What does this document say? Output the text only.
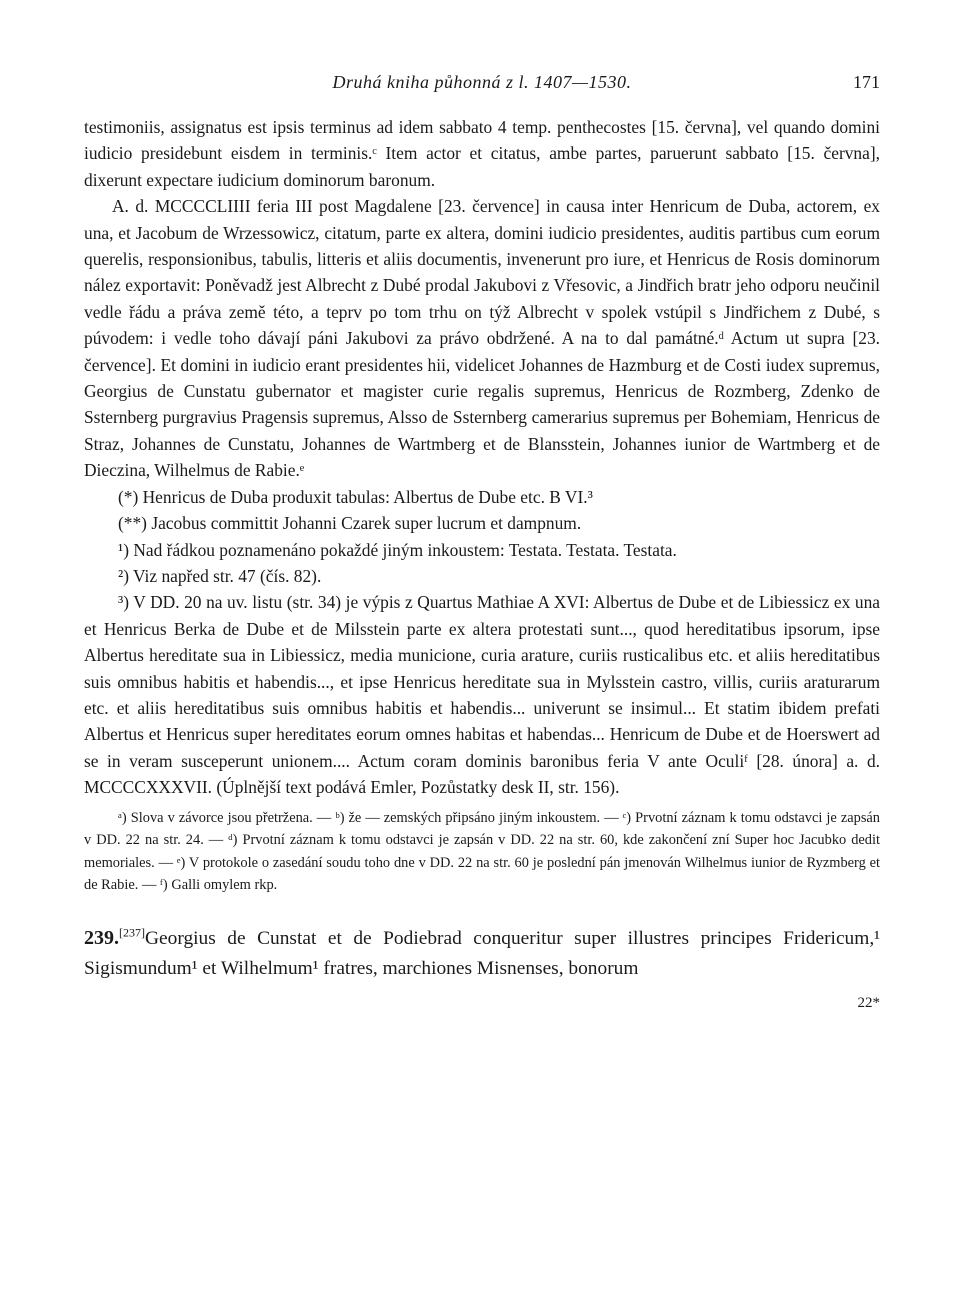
Druhá kniha půhonná z l. 1407—1530.	171

testimoniis, assignatus est ipsis terminus ad idem sabbato 4 temp. penthecostes [15. června], vel quando domini iudicio presidebunt eisdem in terminis.ᶜ Item actor et citatus, ambe partes, paruerunt sabbato [15. června], dixerunt expectare iudicium dominorum baronum.

A. d. MCCCCLIIII feria III post Magdalene [23. července] in causa inter Henricum de Duba, actorem, ex una, et Jacobum de Wrzessowicz, citatum, parte ex altera, domini iudicio presidentes, auditis partibus cum eorum querelis, responsionibus, tabulis, litteris et aliis documentis, invenerunt pro iure, et Henricus de Rosis dominorum nález exportavit: Poněvadž jest Albrecht z Dubé prodal Jakubovi z Vřesovic, a Jindřich bratr jeho odporu neučinil vedle řádu a práva země této, a teprv po tom trhu on týž Albrecht v spolek vstúpil s Jindřichem z Dubé, s púvodem: i vedle toho dávají páni Jakubovi za právo obdržené. A na to dal památné.ᵈ Actum ut supra [23. července]. Et domini in iudicio erant presidentes hii, videlicet Johannes de Hazmburg et de Costi iudex supremus, Georgius de Cunstatu gubernator et magister curie regalis supremus, Henricus de Rozmberg, Zdenko de Ssternberg purgravius Pragensis supremus, Alsso de Ssternberg camerarius supremus per Bohemiam, Henricus de Straz, Johannes de Cunstatu, Johannes de Wartmberg et de Blansstein, Johannes iunior de Wartmberg et de Dieczina, Wilhelmus de Rabie.ᵉ

(*) Henricus de Duba produxit tabulas: Albertus de Dube etc. B VI.³

(**) Jacobus committit Johanni Czarek super lucrum et dampnum.

¹) Nad řádkou poznamenáno pokaždé jiným inkoustem: Testata. Testata. Testata.

²) Viz napřed str. 47 (čís. 82).

³) V DD. 20 na uv. listu (str. 34) je výpis z Quartus Mathiae A XVI: Albertus de Dube et de Libiessicz ex una et Henricus Berka de Dube et de Milsstein parte ex altera protestati sunt..., quod hereditatibus ipsorum, ipse Albertus hereditate sua in Libiessicz, media municione, curia arature, curiis rusticalibus etc. et aliis hereditatibus suis omnibus habitis et habendis..., et ipse Henricus hereditate sua in Mylsstein castro, villis, curiis araturarum etc. et aliis hereditatibus suis omnibus habitis et habendis... univerunt se insimul... Et statim ibidem prefati Albertus et Henricus super hereditates eorum omnes habitas et habendas... Henricum de Dube et de Hoerswert ad se in veram susceperunt unionem.... Actum coram dominis baronibus feria V ante Oculiᶠ [28. února] a. d. MCCCCXXXVII. (Úplnější text podává Emler, Pozůstatky desk II, str. 156).

ᵃ) Slova v závorce jsou přetržena. — ᵇ) že — zemských připsáno jiným inkoustem. — ᶜ) Prvotní záznam k tomu odstavci je zapsán v DD. 22 na str. 24. — ᵈ) Prvotní záznam k tomu odstavci je zapsán v DD. 22 na str. 60, kde zakončení zní Super hoc Jacubko dedit memoriales. — ᵉ) V protokole o zasedání soudu toho dne v DD. 22 na str. 60 je poslední pán jmenován Wilhelmus iunior de Ryzmberg et de Rabie. — ᶠ) Galli omylem rkp.

239.[237]Georgius de Cunstat et de Podiebrad conqueritur super illustres principes Fridericum,¹ Sigismundum¹ et Wilhelmum¹ fratres, marchiones Misnenses, bonorum

22*
